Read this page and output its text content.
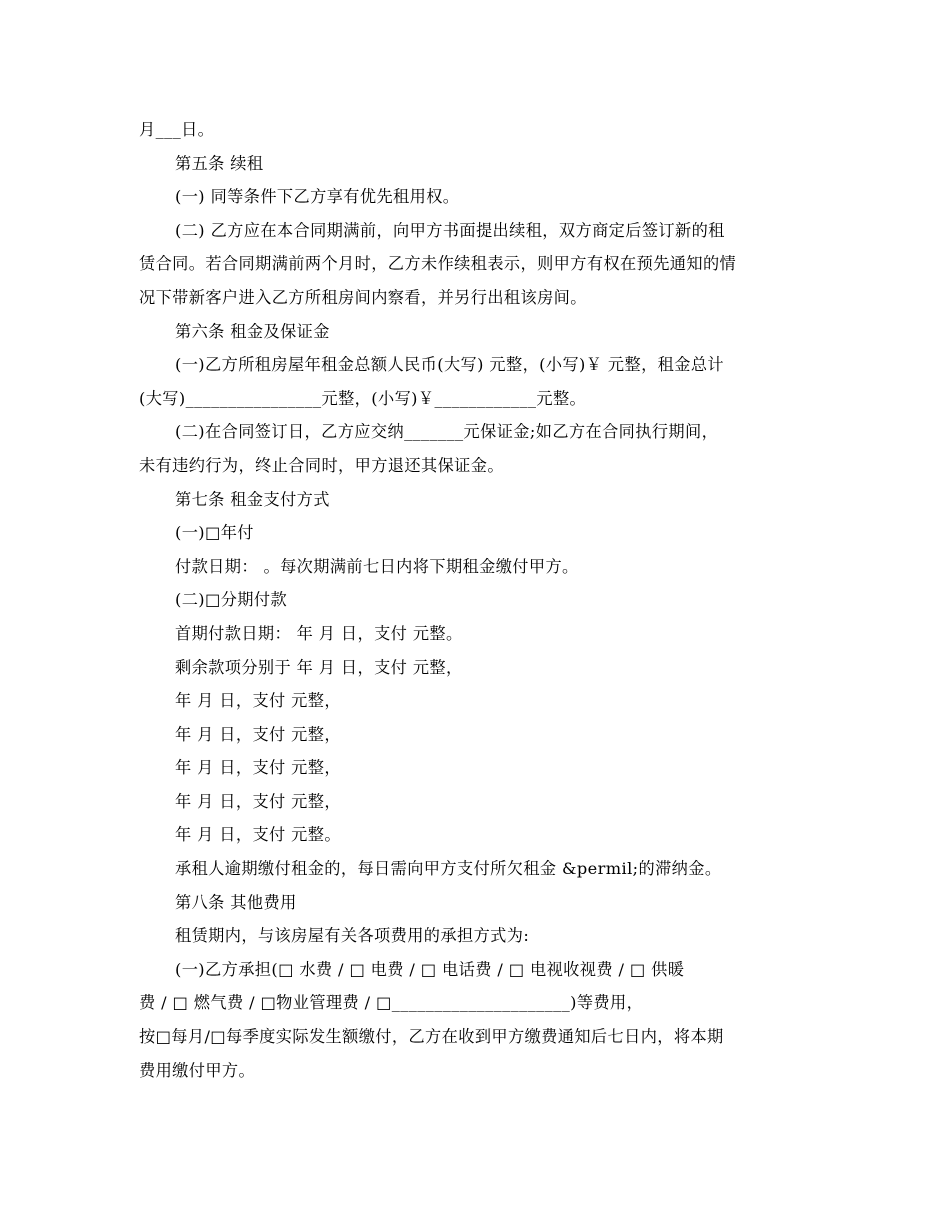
月___日。

第五条 续租

(一) 同等条件下乙方享有优先租用权。

(二) 乙方应在本合同期满前，向甲方书面提出续租，双方商定后签订新的租

赁合同。若合同期满前两个月时，乙方未作续租表示，则甲方有权在预先通知的情

况下带新客户进入乙方所租房间内察看，并另行出租该房间。

第六条 租金及保证金

(一)乙方所租房屋年租金总额人民币(大写) 元整，(小写)￥ 元整，租金总计

(大写)________________元整，(小写)￥____________元整。

(二)在合同签订日，乙方应交纳_______元保证金;如乙方在合同执行期间，

未有违约行为，终止合同时，甲方退还其保证金。

第七条 租金支付方式

(一)□年付

付款日期： 。每次期满前七日内将下期租金缴付甲方。

(二)□分期付款

首期付款日期： 年 月 日，支付 元整。

剩余款项分别于 年 月 日，支付 元整，

年 月 日，支付 元整，

年 月 日，支付 元整，

年 月 日，支付 元整，

年 月 日，支付 元整，

年 月 日，支付 元整。

承租人逾期缴付租金的，每日需向甲方支付所欠租金 &permil;的滞纳金。

第八条 其他费用

租赁期内，与该房屋有关各项费用的承担方式为:

(一)乙方承担(□ 水费 / □ 电费 / □ 电话费 / □ 电视收视费 / □ 供暖

费 / □ 燃气费 / □物业管理费 / □_____________________)等费用，

按□每月/□每季度实际发生额缴付，乙方在收到甲方缴费通知后七日内，将本期

费用缴付甲方。
